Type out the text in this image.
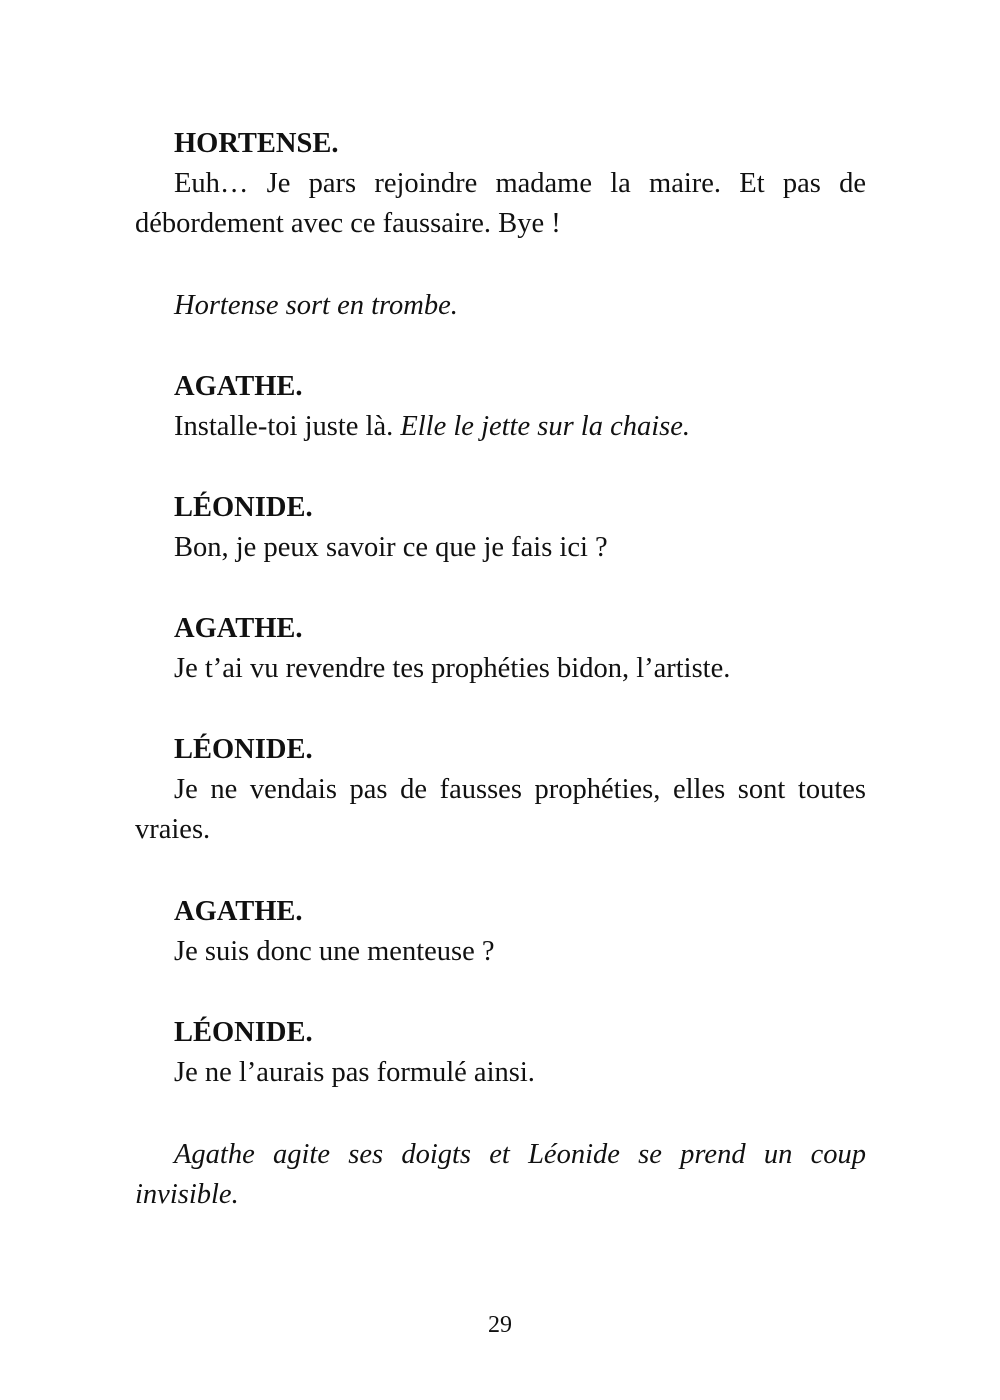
HORTENSE.

Euh… Je pars rejoindre madame la maire. Et pas de débordement avec ce faussaire. Bye !

Hortense sort en trombe.

AGATHE.

Installe-toi juste là. Elle le jette sur la chaise.

LÉONIDE.

Bon, je peux savoir ce que je fais ici ?

AGATHE.

Je t’ai vu revendre tes prophéties bidon, l’artiste.

LÉONIDE.

Je ne vendais pas de fausses prophéties, elles sont toutes vraies.

AGATHE.

Je suis donc une menteuse ?

LÉONIDE.

Je ne l’aurais pas formulé ainsi.

Agathe agite ses doigts et Léonide se prend un coup invisible.

29
